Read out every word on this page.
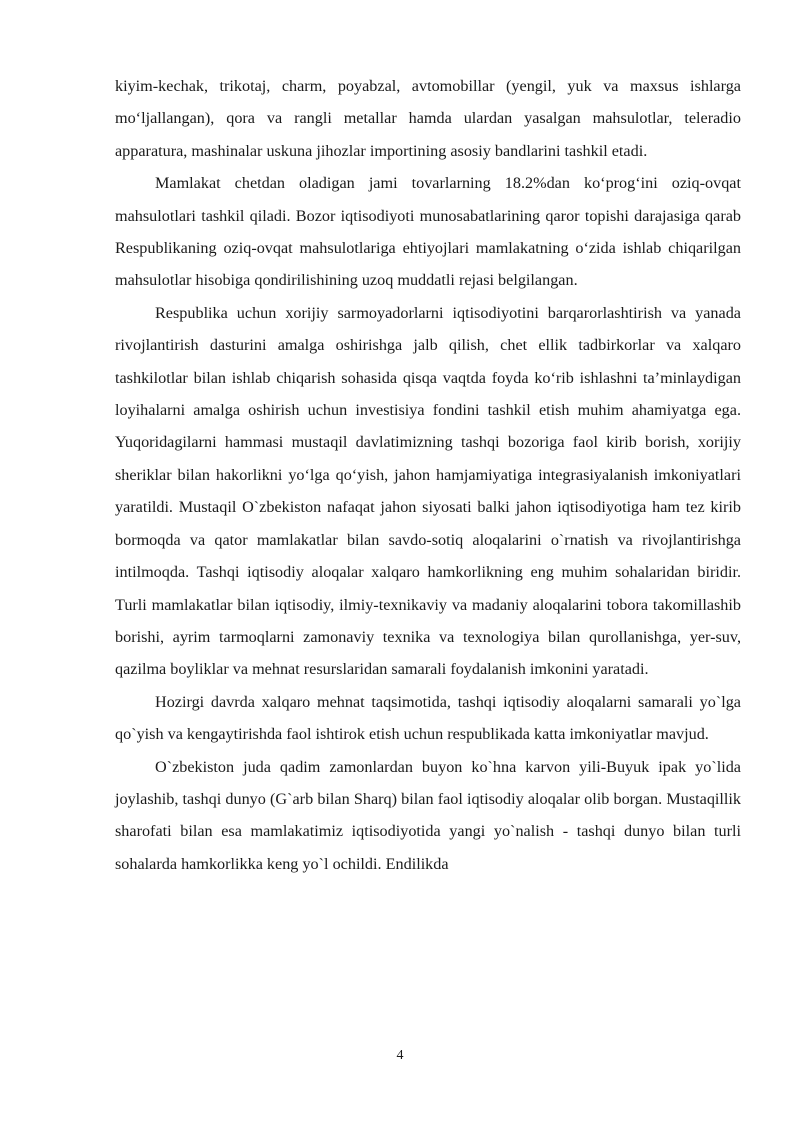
kiyim-kechak, trikotaj, charm, poyabzal, avtomobillar (yengil, yuk va maxsus ishlarga mo‘ljallangan), qora va rangli metallar hamda ulardan yasalgan mahsulotlar, teleradio apparatura, mashinalar uskuna jihozlar importining asosiy bandlarini tashkil etadi.

Mamlakat chetdan oladigan jami tovarlarning 18.2%dan ko‘prog‘ini oziq-ovqat mahsulotlari tashkil qiladi. Bozor iqtisodiyoti munosabatlarining qaror topishi darajasiga qarab Respublikaning oziq-ovqat mahsulotlariga ehtiyojlari mamlakatning o‘zida ishlab chiqarilgan mahsulotlar hisobiga qondirilishining uzoq muddatli rejasi belgilangan.

Respublika uchun xorijiy sarmoyadorlarni iqtisodiyotini barqarorlashtirish va yanada rivojlantirish dasturini amalga oshirishga jalb qilish, chet ellik tadbirkorlar va xalqaro tashkilotlar bilan ishlab chiqarish sohasida qisqa vaqtda foyda ko‘rib ishlashni ta’minlaydigan loyihalarni amalga oshirish uchun investisiya fondini tashkil etish muhim ahamiyatga ega. Yuqoridagilarni hammasi mustaqil davlatimizning tashqi bozoriga faol kirib borish, xorijiy sheriklar bilan hakorlikni yo‘lga qo‘yish, jahon hamjamiyatiga integrasiyalanish imkoniyatlari yaratildi. Mustaqil O`zbekiston nafaqat jahon siyosati balki jahon iqtisodiyotiga ham tez kirib bormoqda va qator mamlakatlar bilan savdo-sotiq aloqalarini o`rnatish va rivojlantirishga intilmoqda. Tashqi iqtisodiy aloqalar xalqaro hamkorlikning eng muhim sohalaridan biridir. Turli mamlakatlar bilan iqtisodiy, ilmiy-texnikaviy va madaniy aloqalarini tobora takomillashib borishi, ayrim tarmoqlarni zamonaviy texnika va texnologiya bilan qurollanishga, yer-suv, qazilma boyliklar va mehnat resurslaridan samarali foydalanish imkonini yaratadi.

Hozirgi davrda xalqaro mehnat taqsimotida, tashqi iqtisodiy aloqalarni samarali yo`lga qo`yish va kengaytirishda faol ishtirok etish uchun respublikada katta imkoniyatlar mavjud.

O`zbekiston juda qadim zamonlardan buyon ko`hna karvon yili-Buyuk ipak yo`lida joylashib, tashqi dunyo (G`arb bilan Sharq) bilan faol iqtisodiy aloqalar olib borgan. Mustaqillik sharofati bilan esa mamlakatimiz iqtisodiyotida yangi yo`nalish - tashqi dunyo bilan turli sohalarda hamkorlikka keng yo`l ochildi. Endilikda

4
